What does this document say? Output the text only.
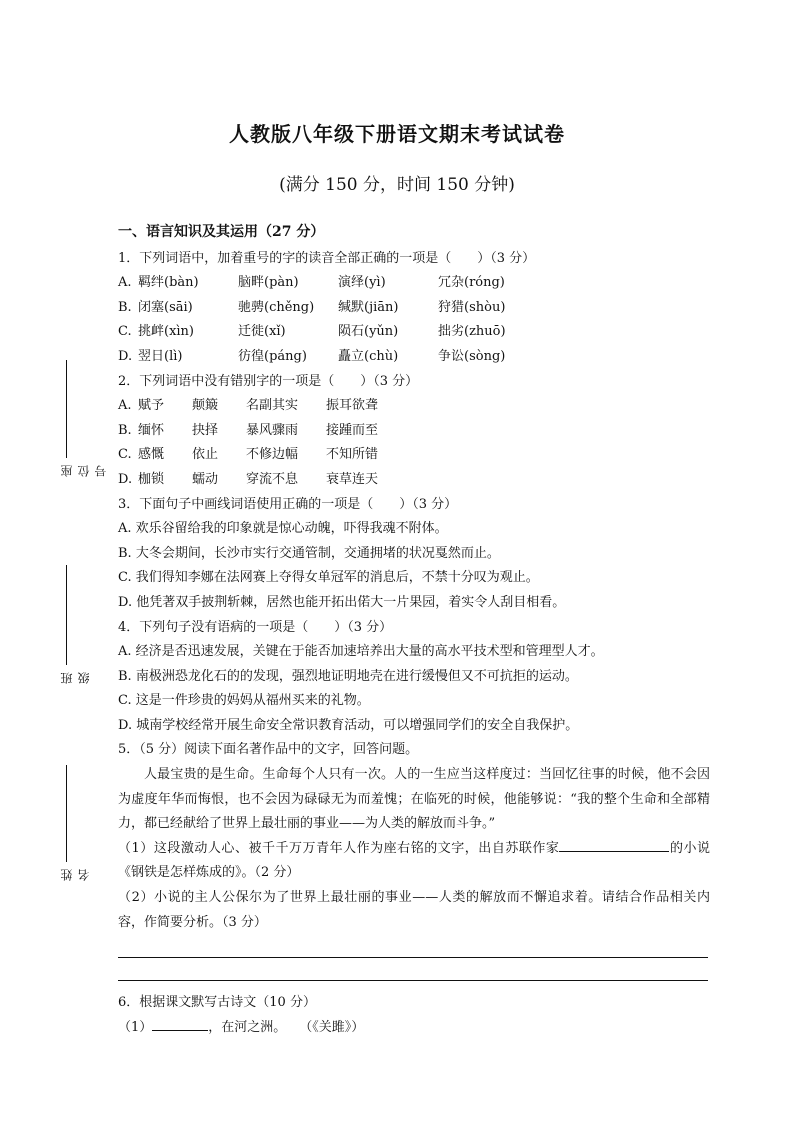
人教版八年级下册语文期末考试试卷
(满分 150 分，时间 150 分钟)
座位号
班级
姓名
一、语言知识及其运用（27 分）
1．下列词语中，加着重号的字的读音全部正确的一项是（　　）（3 分）
A. 羁绊(bàn)	脑畔(pàn)	演绎(yì)	冗杂(róng)
B. 闭塞(sāi)	驰骋(chěng)	缄默(jiān)	狩猎(shòu)
C. 挑衅(xìn)	迁徙(xǐ)	陨石(yǔn)	拙劣(zhuō)
D. 翌日(lì)	彷徨(páng)	矗立(chù)	争讼(sòng)
2．下列词语中没有错别字的一项是（　　）（3 分）
A. 赋予	颠簸	名副其实	振耳欲聋
B. 缅怀	抉择	暴风骤雨	接踵而至
C. 感慨	依止	不修边幅	不知所错
D. 枷锁	蠕动	穿流不息	衰草连天
3．下面句子中画线词语使用正确的一项是（　　）（3 分）
A. 欢乐谷留给我的印象就是惊心动魄，吓得我魂不附体。
B. 大冬会期间，长沙市实行交通管制，交通拥堵的状况戛然而止。
C. 我们得知李娜在法网赛上夺得女单冠军的消息后，不禁十分叹为观止。
D. 他凭著双手披荆斩棘，居然也能开拓出偌大一片果园，着实令人刮目相看。
4．下列句子没有语病的一项是（　　）（3 分）
A. 经济是否迅速发展，关键在于能否加速培养出大量的高水平技术型和管理型人才。
B. 南极洲恐龙化石的的发现，强烈地证明地壳在进行缓慢但又不可抗拒的运动。
C. 这是一件珍贵的妈妈从福州买来的礼物。
D. 城南学校经常开展生命安全常识教育活动，可以增强同学们的安全自我保护。
5．（5 分）阅读下面名著作品中的文字，回答问题。
人最宝贵的是生命。生命每个人只有一次。人的一生应当这样度过：当回忆往事的时候，他不会因为虚度年华而悔恨，也不会因为碌碌无为而羞愧；在临死的时候，他能够说：“我的整个生命和全部精力，都已经献给了世界上最壮丽的事业——为人类的解放而斗争。”
（1）这段激动人心、被千千万万青年人作为座右铭的文字，出自苏联作家	的小说《钢铁是怎样炼成的》。（2 分）
（2）小说的主人公保尔为了世界上最壮丽的事业——人类的解放而不懈追求着。请结合作品相关内容，作简要分析。（3 分）
6．根据课文默写古诗文（10 分）
（1）	，在河之洲。　　（《关雎》）
